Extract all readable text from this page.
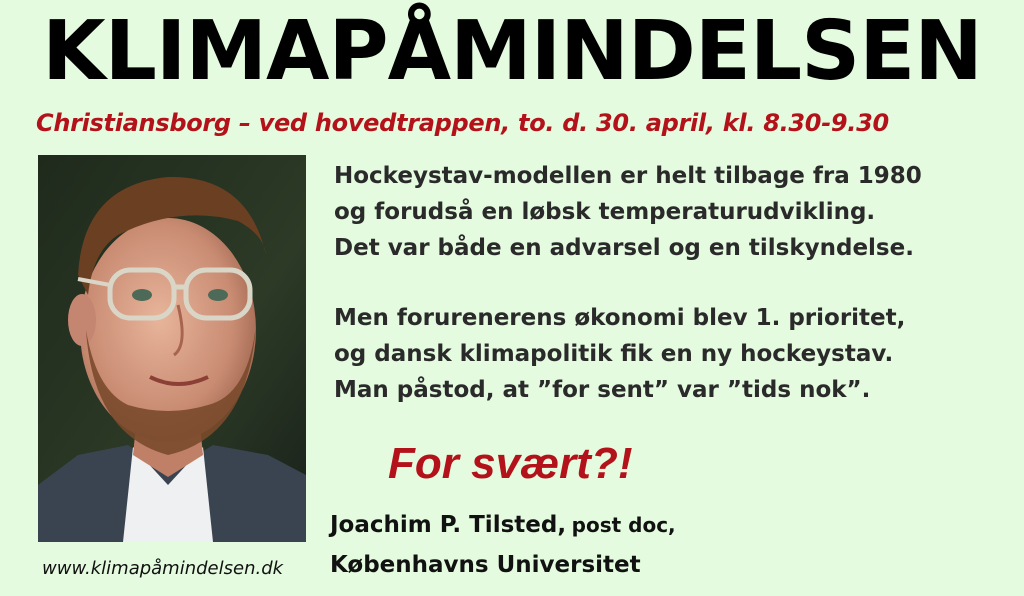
KLIMAPÅMINDELSEN
Christiansborg – ved hovedtrappen, to. d. 30. april, kl. 8.30-9.30
Hockeystav-modellen er helt tilbage fra 1980
og forudså en løbsk temperaturudvikling.
Det var både en advarsel og en tilskyndelse.
Men forurenerens økonomi blev 1. prioritet,
og dansk klimapolitik fik en ny hockeystav.
Man påstod, at ”for sent” var ”tids nok”.
For svært?!
Joachim P. Tilsted, post doc,
Københavns Universitet
www.klimapåmindelsen.dk
